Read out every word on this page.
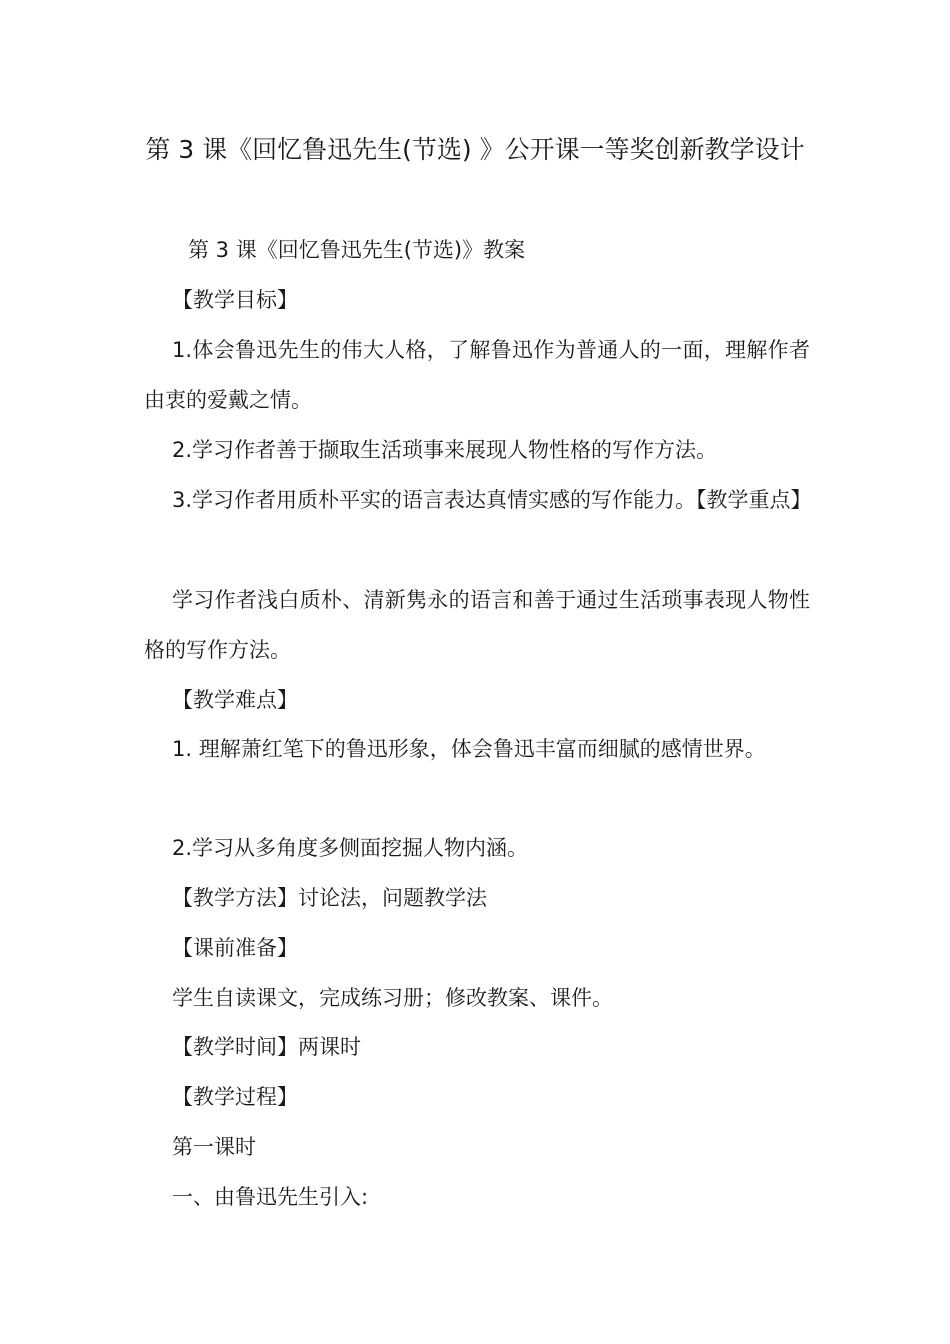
第 3 课《回忆鲁迅先生(节选) 》公开课一等奖创新教学设计

第 3 课《回忆鲁迅先生(节选)》教案

【教学目标】

1.体会鲁迅先生的伟大人格，了解鲁迅作为普通人的一面，理解作者由衷的爱戴之情。

2.学习作者善于撷取生活琐事来展现人物性格的写作方法。

3.学习作者用质朴平实的语言表达真情实感的写作能力。【教学重点】

学习作者浅白质朴、清新隽永的语言和善于通过生活琐事表现人物性格的写作方法。

【教学难点】

1. 理解萧红笔下的鲁迅形象，体会鲁迅丰富而细腻的感情世界。

2.学习从多角度多侧面挖掘人物内涵。

【教学方法】讨论法，问题教学法

【课前准备】

学生自读课文，完成练习册；修改教案、课件。

【教学时间】两课时

【教学过程】

第一课时

一、由鲁迅先生引入:
